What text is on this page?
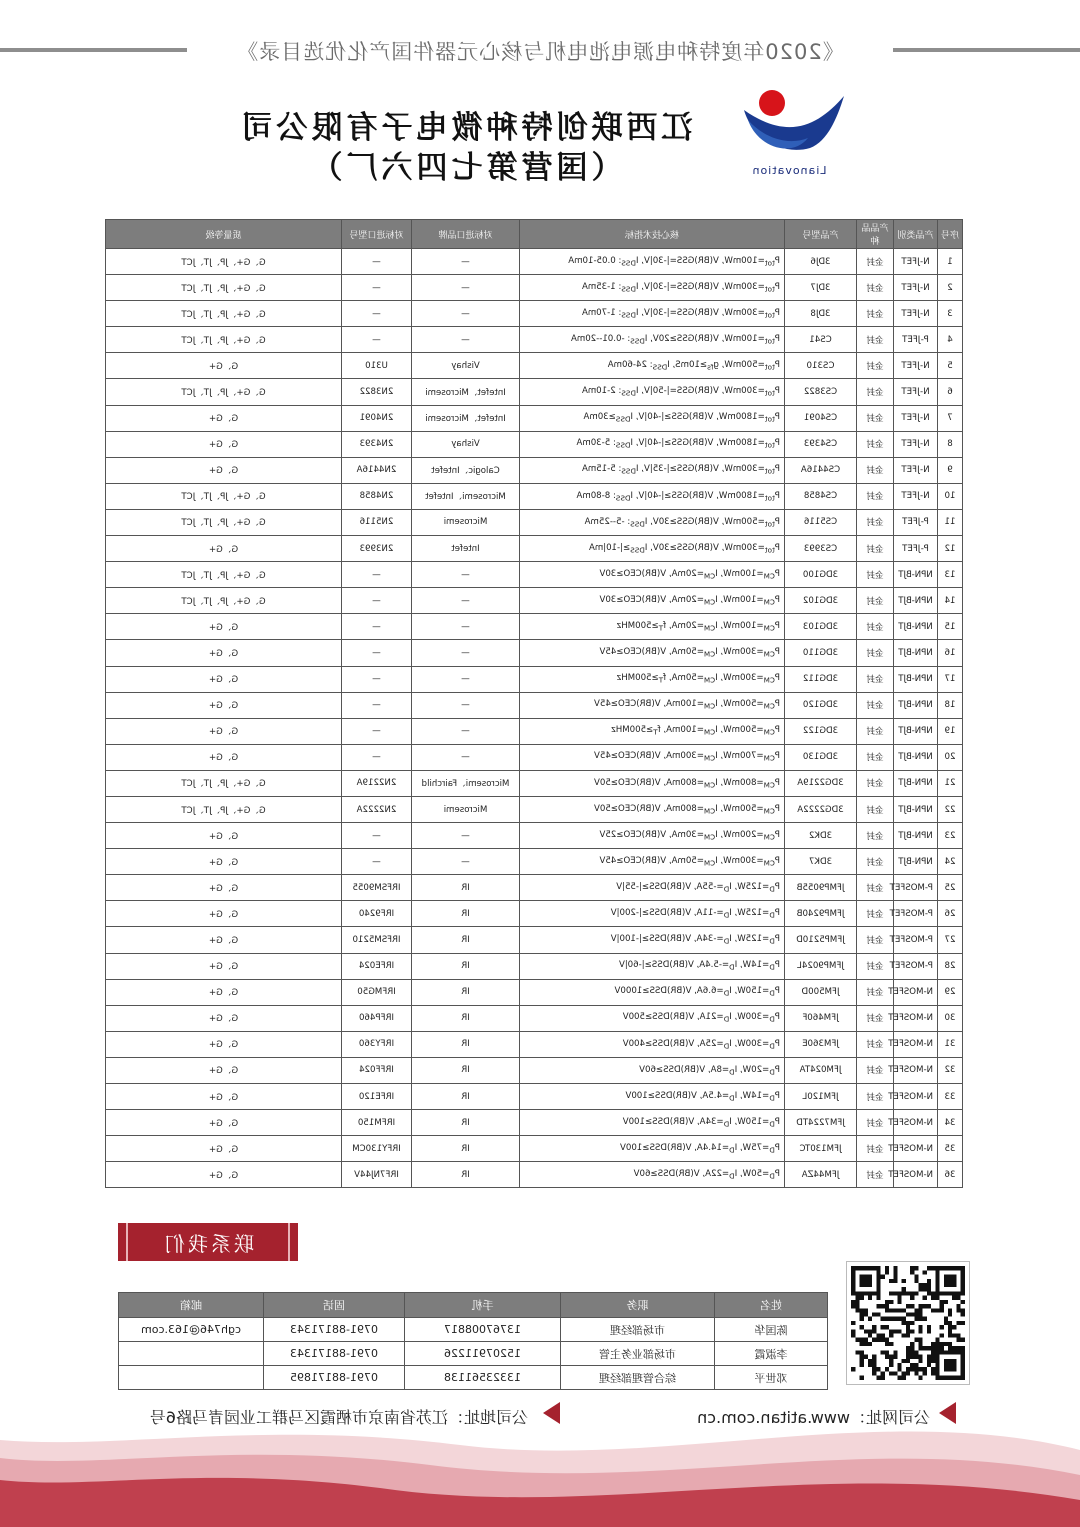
《2020年度特种电源电池电机与核心元器件国产化优选目录》
Lianovation
江西联创特种微电子有限公司
（国营第七四六厂）
序号	产品类别	产品品种	产品型号	核心技术指标	对标进口品牌	对标进口型号	质量等级
1	N-JFET	金封	3DJ6	$P_{tot}=100mW$, V(BR)GSS=|-30|V, $I_{DSS}$: 0.05-10mA	—	—	G、G+、JP、JT、JCT
2	N-JFET	金封	3DJ7	$P_{tot}=300mW$, V(BR)GSS=|-30|V, $I_{DSS}$: 1-35mA	—	—	G、G+、JP、JT、JCT
3	N-JFET	金封	3DJ8	$P_{tot}=300mW$, V(BR)GSS=|-30|V, $I_{DSS}$: 1-70mA	—	—	G、G+、JP、JT、JCT
4	P-JFET	金封	CS41	$P_{tot}=100mW$, V(BR)GSS≥20V, $I_{DSS}$: -0.01--20mA	—	—	G、G+、JP、JT、JCT
5	N-JFET	金封	CS310	$P_{tot}=500mW$, $g_{fs}\ge 10mS$, $I_{DSS}$: 24-60mA	Vishay	U310	G、G+
6	N-JFET	金封	CS3822	$P_{tot}=300mW$, V(BR)GSS=|-50|V, $I_{DSS}$: 2-10mA	Intefet、Microsemi	2N3822	G、G+、JP、JT、JCT
7	N-JFET	金封	CS4091	$P_{tot}=1800mW$, V(BR)GSS≥|-40|V, $I_{DSS}\ge 30mA$	Intefet、Microsemi	2N4091	G、G+
8	N-JFET	金封	CS4393	$P_{tot}=1800mW$, V(BR)GSS≥|-40|V, $I_{DSS}$: 5-30mA	Vishay	2N4393	G、G+
9	N-JFET	金封	CS4416A	$P_{tot}=300mW$, V(BR)GSS≥|-35|V, $I_{DSS}$: 5-15mA	Calogic、Intefet	2N4416A	G、G+
10	N-JFET	金封	CS4858	$P_{tot}=1800mW$, V(BR)GSS≥|-40|V, $I_{DSS}$: 8-80mA	Microsemi、Intefet	2N4858	G、G+、JP、JT、JCT
11	P-JFET	金封	CS5116	$P_{tot}=500mW$, V(BR)GSS≥30V, $I_{DSS}$: -5--25mA	Microsemi	2N5116	G、G+、JP、JT、JCT
12	P-JFET	金封	CS3993	$P_{tot}=300mW$, V(BR)GSS≥30V, $I_{DSS}\ge|-10|mA$	Intefet	2N3993	G、G+
13	NPN-BJT	金封	3DG100	$P_{CM}=100mW$, $I_{CM}=20mA$, V(BR)CEO≥30V	—	—	G、G+、JP、JT、JCT
14	NPN-BJT	金封	3DG102	$P_{CM}=100mW$, $I_{CM}=20mA$, V(BR)CEO≥30V	—	—	G、G+、JP、JT、JCT
15	NPN-BJT	金封	3DG103	$P_{CM}=100mW$, $I_{CM}=20mA$, $f_T\ge 500MHz$	—	—	G、G+
16	NPN-BJT	金封	3DG110	$P_{CM}=300mW$, $I_{CM}=50mA$, V(BR)CEO≥45V	—	—	G、G+
17	NPN-BJT	金封	3DG112	$P_{CM}=300mW$, $I_{CM}=50mA$, $f_T\ge 500MHz$	—	—	G、G+
18	NPN-BJT	金封	3DG120	$P_{CM}=500mW$, $I_{CM}=100mA$, V(BR)CEO≥45V	—	—	G、G+
19	NPN-BJT	金封	3DG122	$P_{CM}=500mW$, $I_{CM}=100mA$, $f_T\ge 500MHz$	—	—	G、G+
20	NPN-BJT	金封	3DG130	$P_{CM}=700mW$, $I_{CM}=300mA$, V(BR)CEO≥45V	—	—	G、G+
21	NPN-BJT	金封	3DG2219A	$P_{CM}=800mW$, $I_{CM}=800mA$, V(BR)CEO≥50V	Microsemi、Fairchild	2N2219A	G、G+、JP、JT、JCT
22	NPN-BJT	金封	3DG2222A	$P_{CM}=500mW$, $I_{CM}=800mA$, V(BR)CEO≥50V	Microsemi	2N2222A	G、G+、JP、JT、JCT
23	NPN-BJT	金封	3DK2	$P_{CM}=200mW$, $I_{CM}=30mA$, V(BR)CEO≥25V	—	—	G、G+
24	NPN-BJT	金封	3DK7	$P_{CM}=300mW$, $I_{CM}=50mA$, V(BR)CEO≥45V	—	—	G、G+
25	P-MOSFET	金封	JFMP9055B	$P_D=125W$, $I_D=-55A$, V(BR)DSS≥|-55|V	IR	IRFSM9055	G、G+
26	P-MOSFET	金封	JFMP9240B	$P_D=125W$, $I_D=-11A$, V(BR)DSS≥|-200|V	IR	IRF9240	G、G+
27	P-MOSFET	金封	JFMP5210D	$P_D=125W$, $I_D=-34A$, V(BR)DSS≥|-100|V	IR	IRFSM5210	G、G+
28	P-MOSFET	金封	JFMP9024L	$P_D=14W$, $I_D=-5.4A$, V(BR)DSS≥|-60|V	IR	IRFE024	G、G+
29	N-MOSFET	金封	JFM500D	$P_D=150W$, $I_D=6.6A$, V(BR)DSS≥1000V	IR	IRFMG50	G、G+
30	N-MOSFET	金封	JFM460F	$P_D=300W$, $I_D=21A$, V(BR)DSS≥500V	IR	IRFP460	G、G+
31	N-MOSFET	金封	JFM360E	$P_D=300W$, $I_D=25A$, V(BR)DSS≥400V	IR	IRFY360	G、G+
32	N-MOSFET	金封	JFM024TA	$P_D=20W$, $I_D=8A$, V(BR)DSS≥60V	IR	IRFF024	G、G+
33	N-MOSFET	金封	JFM120L	$P_D=14W$, $I_D=4.5A$, V(BR)DSS≥100V	IR	IRFE120	G、G+
34	N-MOSFET	金封	JFM7224TD	$P_D=150W$, $I_D=34A$, V(BR)DSS≥100V	IR	IRFM150	G、G+
35	N-MOSFET	金封	JFM130TC	$P_D=75W$, $I_D=14.4A$, V(BR)DSS≥100V	IR	IRFY130CM	G、G+
36	N-MOSFET	金封	JFM44ZA	$P_D=50W$, $I_D=22A$, V(BR)DSS≥60V	IR	IRF7NJ44V	G、G+
联系我们
姓名	职务	手机	固话	邮箱
陈国华	市场部经理	13767008817	0791-88171343	cgh746@163.com
李淑霞	市场部业务主管	15207911226	0791-88171343	
邓世平	综合管理部经理	13323561138	0791-88171895	
公司网址：www.atitan.com.cn
公司地址：江苏省南京市栖霞区马群工业园青马路6号
